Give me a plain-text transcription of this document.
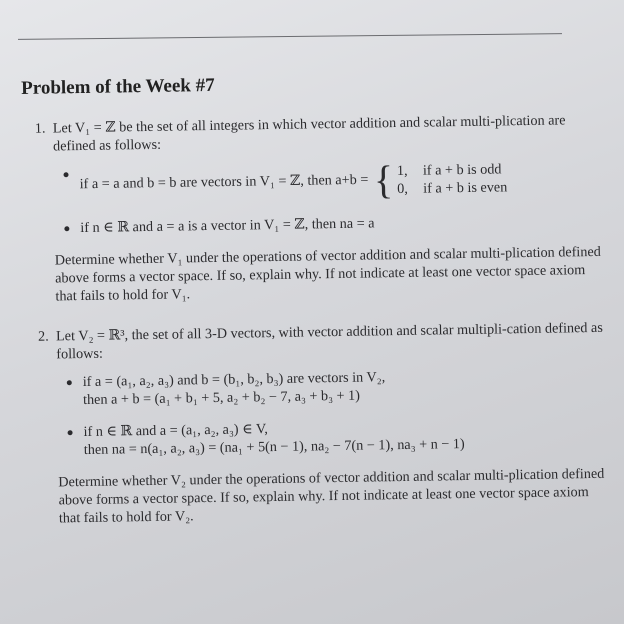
Problem of the Week #7
1. Let V₁ = ℤ be the set of all integers in which vector addition and scalar multi-plication are defined as follows:
if a = a and b = b are vectors in V₁ = ℤ, then a+b = { 1, if a + b is odd
0, if a + b is even
if n ∈ ℝ and a = a is a vector in V₁ = ℤ, then na = a
Determine whether V₁ under the operations of vector addition and scalar multi-plication defined above forms a vector space. If so, explain why. If not indicate at least one vector space axiom that fails to hold for V₁.
2. Let V₂ = ℝ³, the set of all 3-D vectors, with vector addition and scalar multipli-cation defined as follows:
if a = (a₁, a₂, a₃) and b = (b₁, b₂, b₃) are vectors in V₂,
then a + b = (a₁ + b₁ + 5, a₂ + b₂ − 7, a₃ + b₃ + 1)
if n ∈ ℝ and a = (a₁, a₂, a₃) ∈ V,
then na = n(a₁, a₂, a₃) = (na₁ + 5(n − 1), na₂ − 7(n − 1), na₃ + n − 1)
Determine whether V₂ under the operations of vector addition and scalar multi-plication defined above forms a vector space. If so, explain why. If not indicate at least one vector space axiom that fails to hold for V₂.
